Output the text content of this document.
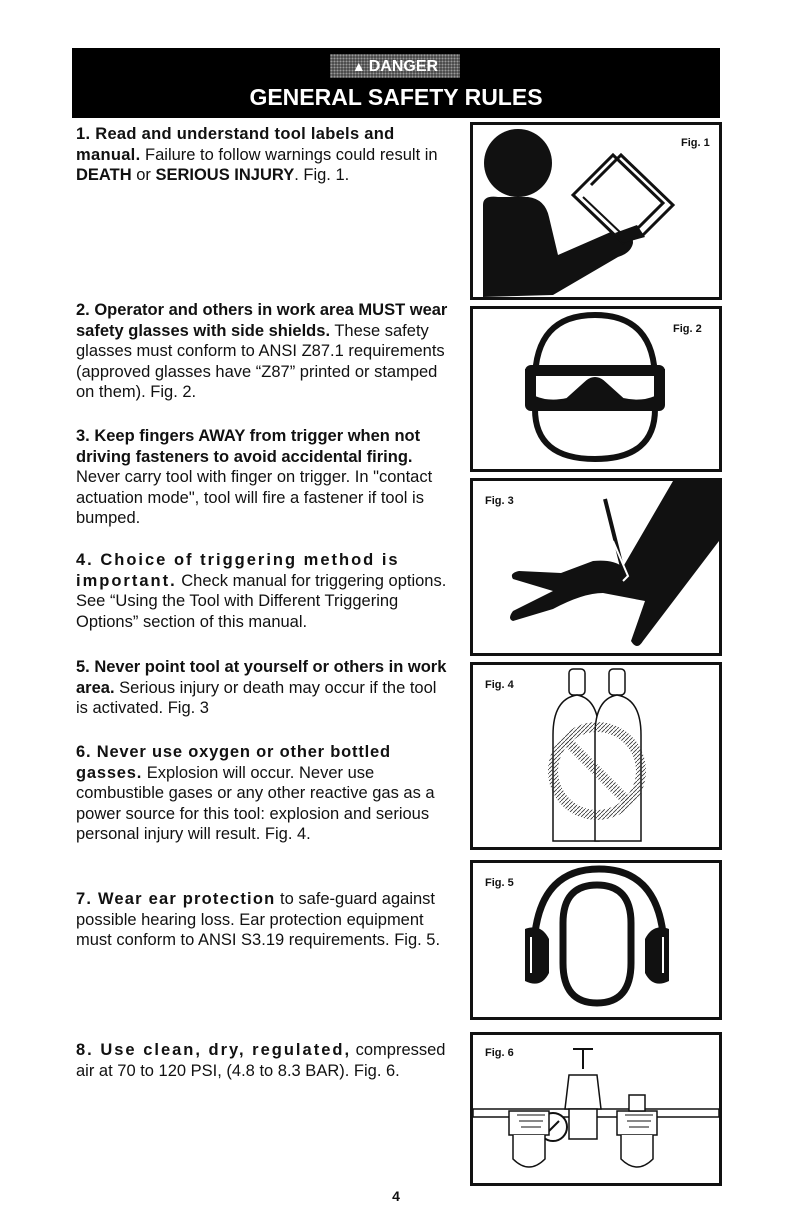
▲ DANGER
GENERAL SAFETY RULES
1. Read and understand tool labels and manual. Failure to follow warnings could result in DEATH or SERIOUS INJURY. Fig. 1.
2. Operator and others in work area MUST wear safety glasses with side shields. These safety glasses must conform to ANSI Z87.1 requirements (approved glasses have “Z87” printed or stamped on them). Fig. 2.
3. Keep fingers AWAY from trigger when not driving fasteners to avoid accidental firing. Never carry tool with finger on trigger. In "contact actuation mode", tool will fire a fastener if tool is bumped.
4. Choice of triggering method is important. Check manual for triggering options. See “Using the Tool with Different Triggering Options” section of this manual.
5. Never point tool at yourself or others in work area. Serious injury or death may occur if the tool is activated. Fig. 3
6. Never use oxygen or other bottled gasses. Explosion will occur. Never use combustible gases or any other reactive gas as a power source for this tool: explosion and serious personal injury will result. Fig. 4.
7. Wear ear protection to safe-guard against possible hearing loss. Ear protection equipment must conform to ANSI S3.19 requirements. Fig. 5.
8. Use clean, dry, regulated, compressed air at 70 to 120 PSI, (4.8 to 8.3 BAR). Fig. 6.
Fig. 1
Fig. 2
Fig. 3
Fig. 4
Fig. 5
Fig. 6
4
